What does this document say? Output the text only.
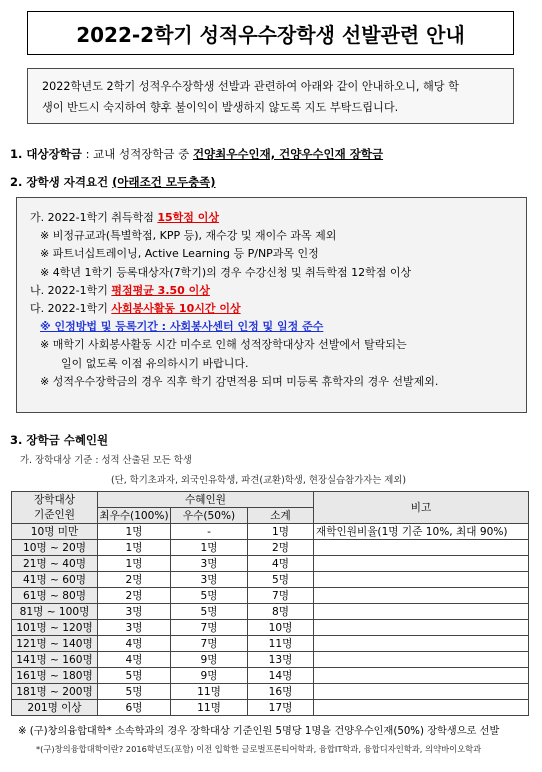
2022-2학기 성적우수장학생 선발관련 안내
2022학년도 2학기 성적우수장학생 선발과 관련하여 아래와 같이 안내하오니, 해당 학
생이 반드시 숙지하여 향후 불이익이 발생하지 않도록 지도 부탁드립니다.
1. 대상장학금 : 교내 성적장학금 중 건양최우수인재, 건양우수인재 장학금
2. 장학생 자격요건 (아래조건 모두충족)
가. 2022-1학기 취득학점 15학점 이상
※ 비정규교과(특별학점, KPP 등), 재수강 및 재이수 과목 제외
※ 파트너십트레이닝, Active Learning 등 P/NP과목 인정
※ 4학년 1학기 등록대상자(7학기)의 경우 수강신청 및 취득학점 12학점 이상
나. 2022-1학기 평점평균 3.50 이상
다. 2022-1학기 사회봉사활동 10시간 이상
※ 인정방법 및 등록기간 : 사회봉사센터 인정 및 일정 준수
※ 매학기 사회봉사활동 시간 미수로 인해 성적장학대상자 선발에서 탈락되는
일이 없도록 이점 유의하시기 바랍니다.
※ 성적우수장학금의 경우 직후 학기 감면적용 되며 미등록 휴학자의 경우 선발제외.
3. 장학금 수혜인원
가. 장학대상 기준 : 성적 산출된 모든 학생
(단, 학기초과자, 외국인유학생, 파견(교환)학생, 현장실습참가자는 제외)
장학대상
기준인원	수혜인원			비고
	최우수(100%)	우수(50%)	소계	
10명 미만	1명	-	1명	재학인원비율(1명 기준 10%, 최대 90%)
10명 ~ 20명	1명	1명	2명	
21명 ~ 40명	1명	3명	4명	
41명 ~ 60명	2명	3명	5명	
61명 ~ 80명	2명	5명	7명	
81명 ~ 100명	3명	5명	8명	
101명 ~ 120명	3명	7명	10명	
121명 ~ 140명	4명	7명	11명	
141명 ~ 160명	4명	9명	13명	
161명 ~ 180명	5명	9명	14명	
181명 ~ 200명	5명	11명	16명	
201명 이상	6명	11명	17명	
※ (구)창의융합대학* 소속학과의 경우 장학대상 기준인원 5명당 1명을 건양우수인재(50%) 장학생으로 선발
*(구)창의융합대학이란? 2016학년도(포함) 이전 입학한 글로벌프론티어학과, 융합IT학과, 융합디자인학과, 의약바이오학과
